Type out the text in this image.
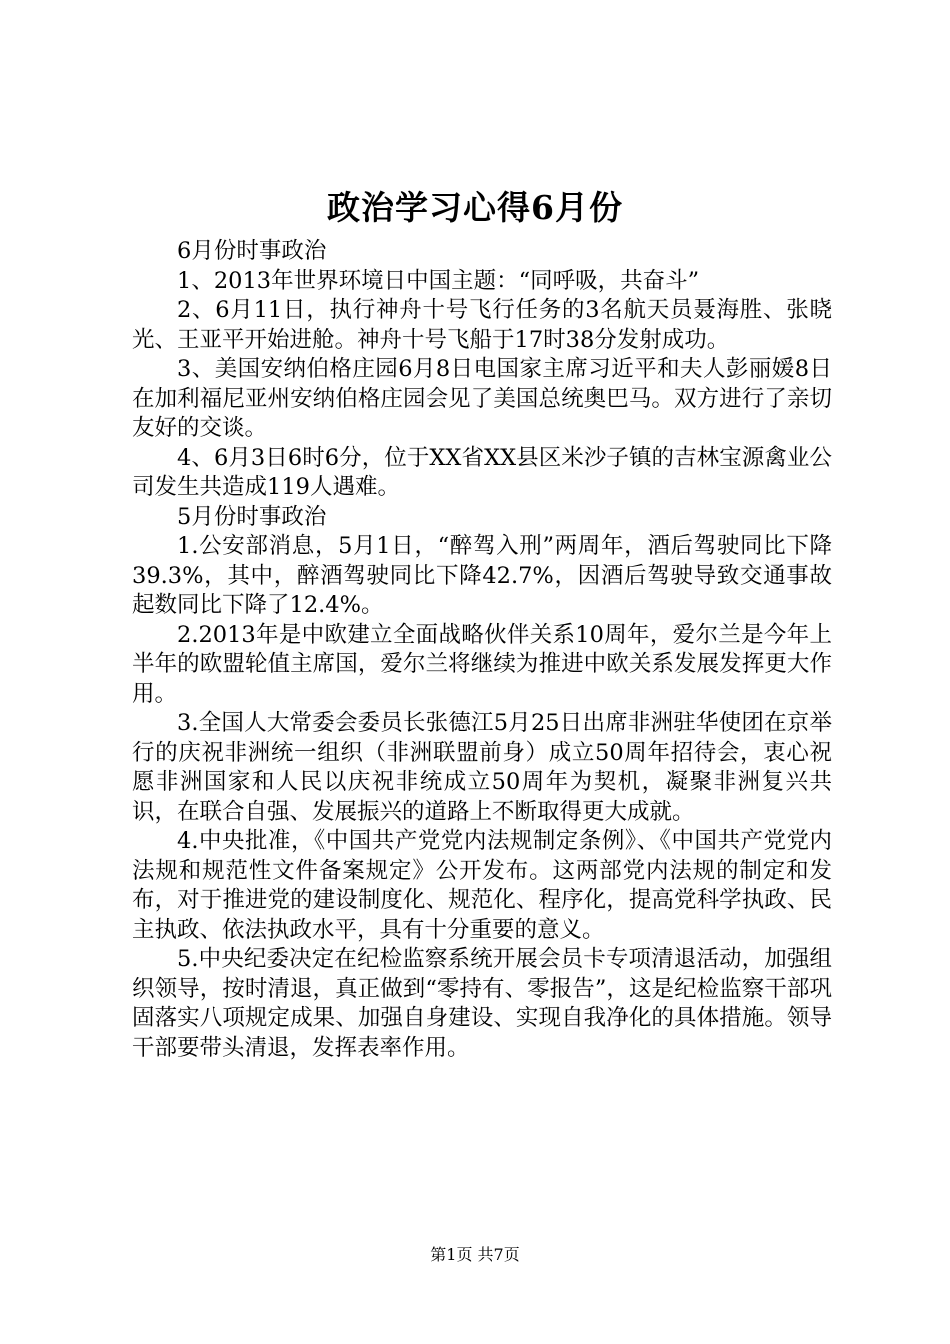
政治学习心得6月份

6月份时事政治

1、2013年世界环境日中国主题：“同呼吸，共奋斗”

2、6月11日，执行神舟十号飞行任务的3名航天员聂海胜、张晓光、王亚平开始进舱。神舟十号飞船于17时38分发射成功。

3、美国安纳伯格庄园6月8日电国家主席习近平和夫人彭丽媛8日在加利福尼亚州安纳伯格庄园会见了美国总统奥巴马。双方进行了亲切友好的交谈。

4、6月3日6时6分，位于XX省XX县区米沙子镇的吉林宝源禽业公司发生共造成119人遇难。

5月份时事政治

1.公安部消息，5月1日，“醉驾入刑”两周年，酒后驾驶同比下降39.3%，其中，醉酒驾驶同比下降42.7%，因酒后驾驶导致交通事故起数同比下降了12.4%。

2.2013年是中欧建立全面战略伙伴关系10周年，爱尔兰是今年上半年的欧盟轮值主席国，爱尔兰将继续为推进中欧关系发展发挥更大作用。

3.全国人大常委会委员长张德江5月25日出席非洲驻华使团在京举行的庆祝非洲统一组织（非洲联盟前身）成立50周年招待会，衷心祝愿非洲国家和人民以庆祝非统成立50周年为契机，凝聚非洲复兴共识，在联合自强、发展振兴的道路上不断取得更大成就。

4.中央批准，《中国共产党党内法规制定条例》、《中国共产党党内法规和规范性文件备案规定》公开发布。这两部党内法规的制定和发布，对于推进党的建设制度化、规范化、程序化，提高党科学执政、民主执政、依法执政水平，具有十分重要的意义。

5.中央纪委决定在纪检监察系统开展会员卡专项清退活动，加强组织领导，按时清退，真正做到“零持有、零报告”，这是纪检监察干部巩固落实八项规定成果、加强自身建设、实现自我净化的具体措施。领导干部要带头清退，发挥表率作用。

第1页 共7页
